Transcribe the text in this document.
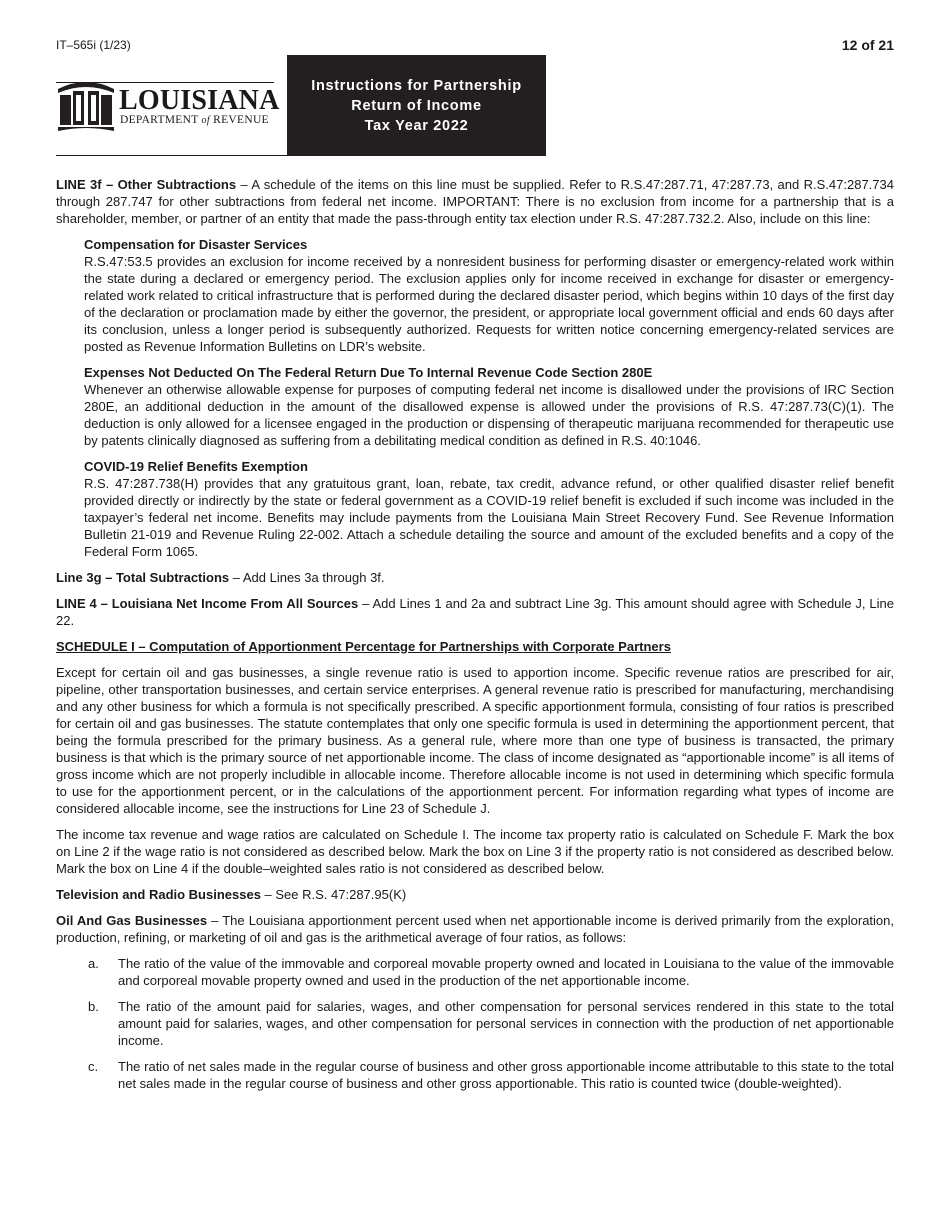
IT–565i (1/23)	12 of 21
LOUISIANA
DEPARTMENT of REVENUE
Instructions for Partnership
Return of Income
Tax Year 2022

LINE 3f – Other Subtractions – A schedule of the items on this line must be supplied. Refer to R.S.47:287.71, 47:287.73, and R.S.47:287.734 through 287.747 for other subtractions from federal net income. IMPORTANT: There is no exclusion from income for a partnership that is a shareholder, member, or partner of an entity that made the pass-through entity tax election under R.S. 47:287.732.2. Also, include on this line:

Compensation for Disaster Services
R.S.47:53.5 provides an exclusion for income received by a nonresident business for performing disaster or emergency-related work within the state during a declared or emergency period. The exclusion applies only for income received in exchange for disaster or emergency-related work related to critical infrastructure that is performed during the declared disaster period, which begins within 10 days of the first day of the declaration or proclamation made by either the governor, the president, or appropriate local government official and ends 60 days after its conclusion, unless a longer period is subsequently authorized. Requests for written notice concerning emergency-related services are posted as Revenue Information Bulletins on LDR’s website.
Expenses Not Deducted On The Federal Return Due To Internal Revenue Code Section 280E
Whenever an otherwise allowable expense for purposes of computing federal net income is disallowed under the provisions of IRC Section 280E, an additional deduction in the amount of the disallowed expense is allowed under the provisions of R.S. 47:287.73(C)(1). The deduction is only allowed for a licensee engaged in the production or dispensing of therapeutic marijuana recommended for therapeutic use by patents clinically diagnosed as suffering from a debilitating medical condition as defined in R.S. 40:1046.
COVID-19 Relief Benefits Exemption
R.S. 47:287.738(H) provides that any gratuitous grant, loan, rebate, tax credit, advance refund, or other qualified disaster relief benefit provided directly or indirectly by the state or federal government as a COVID-19 relief benefit is excluded if such income was included in the taxpayer’s federal net income. Benefits may include payments from the Louisiana Main Street Recovery Fund. See Revenue Information Bulletin 21-019 and Revenue Ruling 22-002. Attach a schedule detailing the source and amount of the excluded benefits and a copy of the Federal Form 1065.

Line 3g – Total Subtractions – Add Lines 3a through 3f.

LINE 4 – Louisiana Net Income From All Sources – Add Lines 1 and 2a and subtract Line 3g. This amount should agree with Schedule J, Line 22.

SCHEDULE I – Computation of Apportionment Percentage for Partnerships with Corporate Partners

Except for certain oil and gas businesses, a single revenue ratio is used to apportion income. Specific revenue ratios are prescribed for air, pipeline, other transportation businesses, and certain service enterprises. A general revenue ratio is prescribed for manufacturing, merchandising and any other business for which a formula is not specifically prescribed. A specific apportionment formula, consisting of four ratios is prescribed for certain oil and gas businesses. The statute contemplates that only one specific formula is used in determining the apportionment percent, that being the formula prescribed for the primary business. As a general rule, where more than one type of business is transacted, the primary business is that which is the primary source of net apportionable income. The class of income designated as “apportionable income” is all items of gross income which are not properly includible in allocable income. Therefore allocable income is not used in determining which specific formula to use for the apportionment percent, or in the calculations of the apportionment percent. For information regarding what types of income are considered allocable income, see the instructions for Line 23 of Schedule J.

The income tax revenue and wage ratios are calculated on Schedule I. The income tax property ratio is calculated on Schedule F. Mark the box on Line 2 if the wage ratio is not considered as described below. Mark the box on Line 3 if the property ratio is not considered as described below. Mark the box on Line 4 if the double–weighted sales ratio is not considered as described below.

Television and Radio Businesses – See R.S. 47:287.95(K)

Oil And Gas Businesses – The Louisiana apportionment percent used when net apportionable income is derived primarily from the exploration, production, refining, or marketing of oil and gas is the arithmetical average of four ratios, as follows:

a. The ratio of the value of the immovable and corporeal movable property owned and located in Louisiana to the value of the immovable and corporeal movable property owned and used in the production of the net apportionable income.
b. The ratio of the amount paid for salaries, wages, and other compensation for personal services rendered in this state to the total amount paid for salaries, wages, and other compensation for personal services in connection with the production of net apportionable income.
c. The ratio of net sales made in the regular course of business and other gross apportionable income attributable to this state to the total net sales made in the regular course of business and other gross apportionable. This ratio is counted twice (double-weighted).
